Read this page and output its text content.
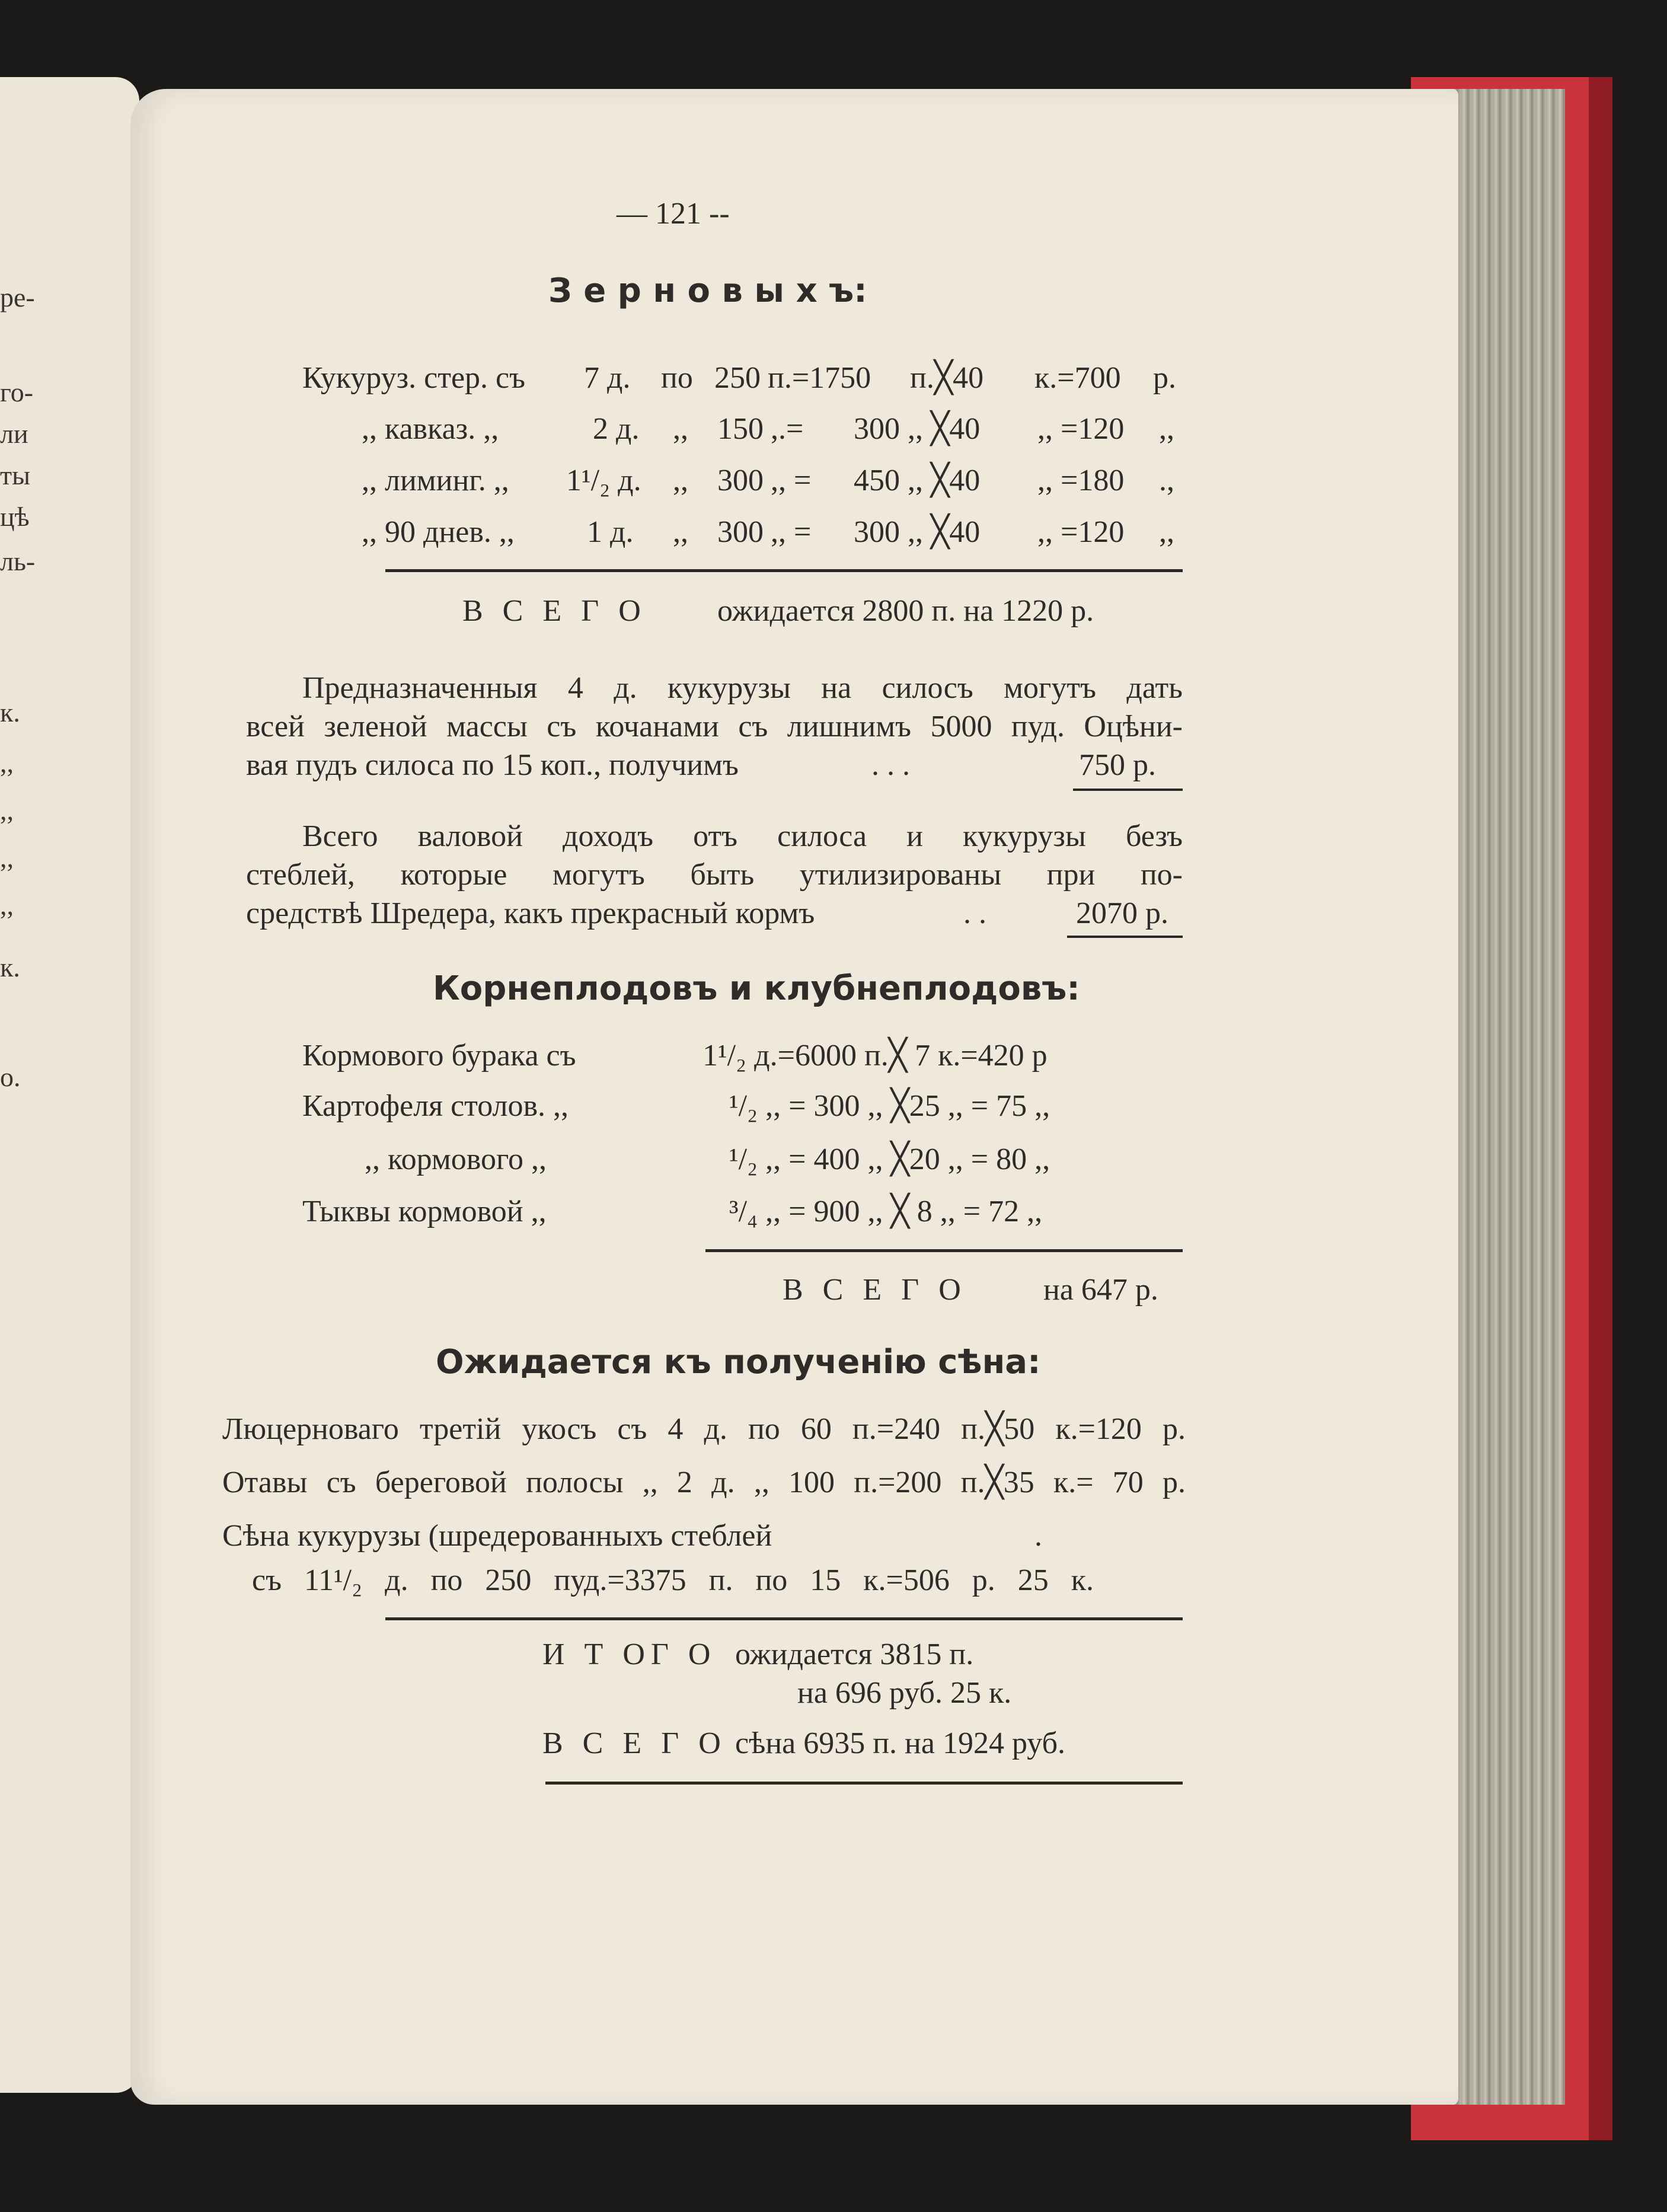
ре-
го-
ли
ты
цѣ
ль-
к.
,,
,,
,,
,,
к.
о.
— 121 --
З е р н о в ы х ъ:
Кукуруз. стер. съ 7 д. по 250 п.=1750 п.╳40 к.=700 р.
,, кавказ. ,,	2 д. ,, 150 ,.= 300 ,, ╳40 ,, =120 ,,
,, лиминг. ,, 1¹/₂ д. ,, 300 ,, = 450 ,, ╳40 ,, =180 .,
,, 90 днев. ,, 1 д. ,, 300 ,, = 300 ,, ╳40 ,, =120 ,,
В С Е Г О ожидается 2800 п. на 1220 р.
Предназначенныя 4 д. кукурузы на силосъ могутъ дать
всей зеленой массы съ кочанами съ лишнимъ 5000 пуд. Оцѣни-
вая пудъ силоса по 15 коп., получимъ	. . .	750 р.
Всего валовой доходъ отъ силоса и кукурузы безъ
стеблей, которые могутъ быть утилизированы при по-
средствѣ Шредера, какъ прекрасный кормъ	. .	2070 р.
Корнеплодовъ и клубнеплодовъ:
Кормового бурака съ	1¹/₂ д.=6000 п.╳ 7 к.=420 р
Картофеля столов. ,,	¹/₂ ,, = 300 ,, ╳25 ,, = 75 ,,
,, кормового ,,	¹/₂ ,, = 400 ,, ╳20 ,, = 80 ,,
Тыквы кормовой ,,	³/₄ ,, = 900 ,, ╳ 8 ,, = 72 ,,
В С Е Г О на 647 р.
Ожидается къ полученію сѣна:
Люцерноваго третій укосъ съ 4 д. по 60 п.=240 п.╳50 к.=120 р.
Отавы съ береговой полосы ,, 2 д. ,, 100 п.=200 п.╳35 к.= 70 р.
Сѣна кукурузы (шредерованныхъ стеблей	.
съ 11¹/₂ д. по 250 пуд.=3375 п. по 15 к.=506 р. 25 к.
И Т ОГ О ожидается 3815 п.
на 696 руб. 25 к.
В С Е Г О сѣна 6935 п. на 1924 руб.
